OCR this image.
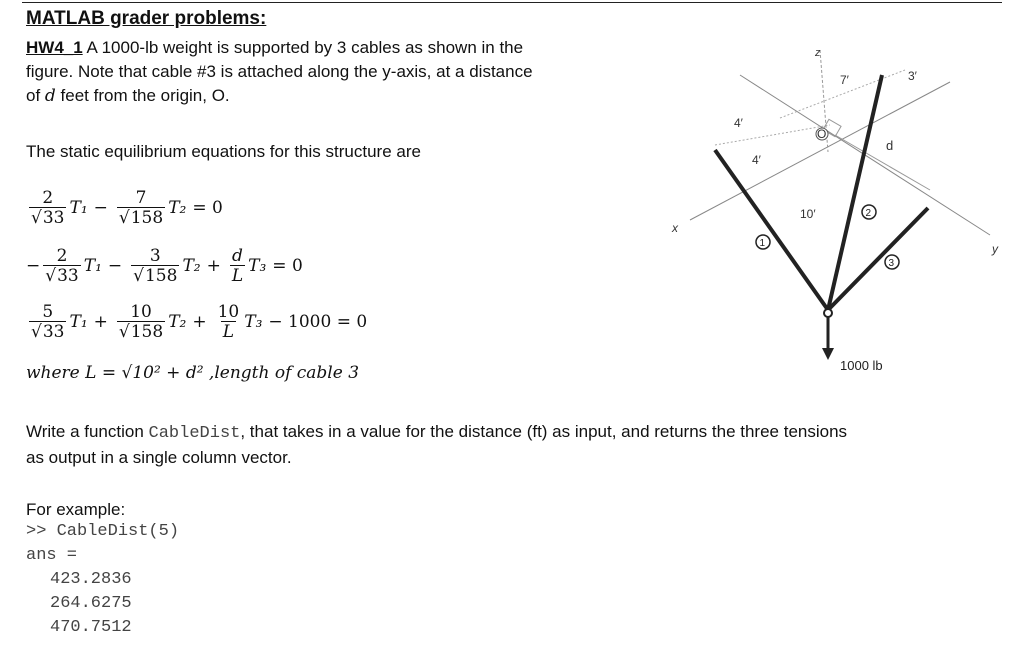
MATLAB grader problems:
HW4_1 A 1000-lb weight is supported by 3 cables as shown in the
figure. Note that cable #3 is attached along the y-axis, at a distance
of d feet from the origin, O.
The static equilibrium equations for this structure are
2
√ 33 T₁ − 7
√ 158 T₂ = 0
− 2
√ 33 T₁ − 3
√ 158 $T_2 + \frac{d}{L} T_3 = 0$
5
√ 33 T₁ + 10
√ 158 $T_2 + \frac{10}{L} T_3 - 1000 = 0$
where L = √10² + d² ,length of cable 3
Write a function CableDist, that takes in a value for the distance (ft) as input, and returns the three tensions
as output in a single column vector.
For example:
>> CableDist(5)
ans =
423.2836
264.6275
470.7512
O
1
2
3
x
y
z
7′	3′
4′
4′
10′
d
1000 lb
